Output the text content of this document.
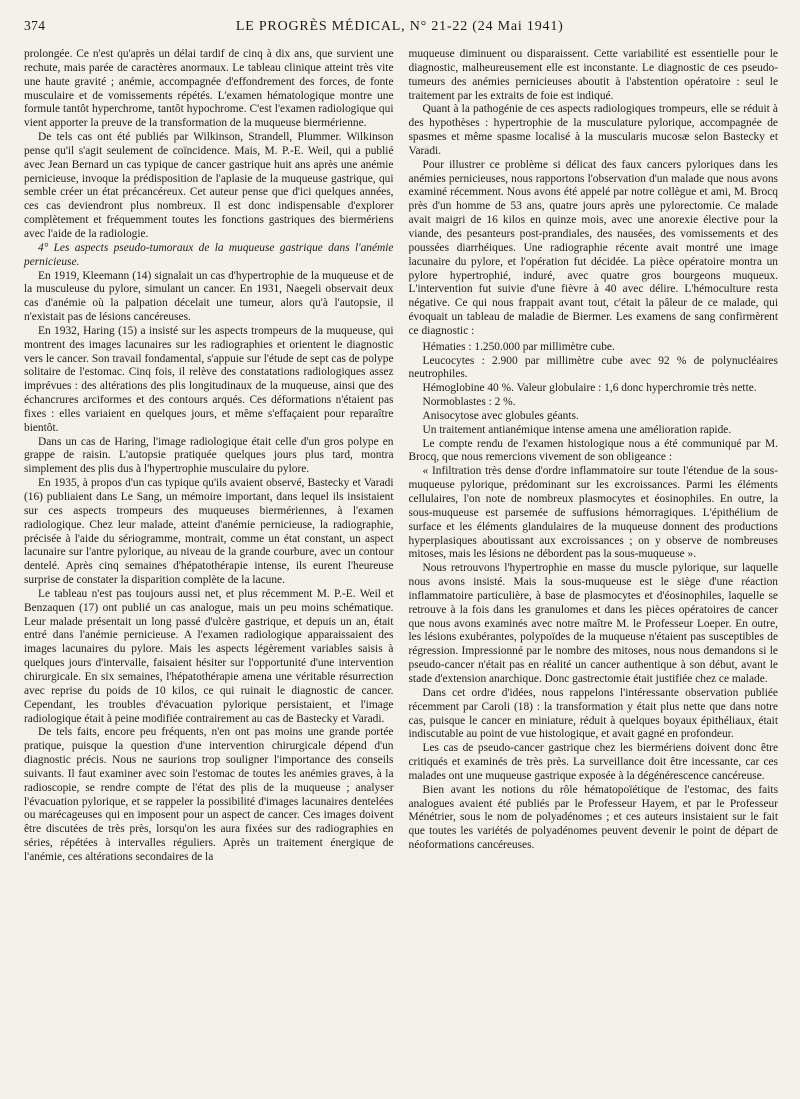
374	LE PROGRÈS MÉDICAL, N° 21-22 (24 Mai 1941)

prolongée. Ce n'est qu'après un délai tardif de cinq à dix ans, que survient une rechute, mais parée de caractères anormaux. Le tableau clinique atteint très vite une haute gravité ; anémie, accompagnée d'effondrement des forces, de fonte musculaire et de vomissements répétés. L'examen hématologique montre une formule tantôt hyperchrome, tantôt hypochrome. C'est l'examen radiologique qui vient apporter la preuve de la transformation de la muqueuse biermérienne.

De tels cas ont été publiés par Wilkinson, Strandell, Plummer. Wilkinson pense qu'il s'agit seulement de coïncidence. Mais, M. P.-E. Weil, qui a publié avec Jean Bernard un cas typique de cancer gastrique huit ans après une anémie pernicieuse, invoque la prédisposition de l'aplasie de la muqueuse gastrique, qui semble créer un état précancéreux. Cet auteur pense que d'ici quelques années, ces cas deviendront plus nombreux. Il est donc indispensable d'explorer complètement et fréquemment toutes les fonctions gastriques des biermériens avec l'aide de la radiologie.

4° Les aspects pseudo-tumoraux de la muqueuse gastrique dans l'anémie pernicieuse.

En 1919, Kleemann (14) signalait un cas d'hypertrophie de la muqueuse et de la musculeuse du pylore, simulant un cancer. En 1931, Naegeli observait deux cas d'anémie où la palpation décelait une tumeur, alors qu'à l'autopsie, il n'existait pas de lésions cancéreuses.

En 1932, Haring (15) a insisté sur les aspects trompeurs de la muqueuse, qui montrent des images lacunaires sur les radiographies et orientent le diagnostic vers le cancer. Son travail fondamental, s'appuie sur l'étude de sept cas de polype solitaire de l'estomac. Cinq fois, il relève des constatations radiologiques assez imprévues : des altérations des plis longitudinaux de la muqueuse, ainsi que des échancrures arciformes et des contours arqués. Ces déformations n'étaient pas fixes : elles variaient en quelques jours, et même s'effaçaient pour reparaître bientôt.

Dans un cas de Haring, l'image radiologique était celle d'un gros polype en grappe de raisin. L'autopsie pratiquée quelques jours plus tard, montra simplement des plis dus à l'hypertrophie musculaire du pylore.

En 1935, à propos d'un cas typique qu'ils avaient observé, Bastecky et Varadi (16) publiaient dans Le Sang, un mémoire important, dans lequel ils insistaient sur ces aspects trompeurs des muqueuses biermériennes, à l'examen radiologique. Chez leur malade, atteint d'anémie pernicieuse, la radiographie, précisée à l'aide du sériogramme, montrait, comme un état constant, un aspect lacunaire sur l'antre pylorique, au niveau de la grande courbure, avec un contour dentelé. Après cinq semaines d'hépatothérapie intense, ils eurent l'heureuse surprise de constater la disparition complète de la lacune.

Le tableau n'est pas toujours aussi net, et plus récemment M. P.-E. Weil et Benzaquen (17) ont publié un cas analogue, mais un peu moins schématique. Leur malade présentait un long passé d'ulcère gastrique, et depuis un an, était entré dans l'anémie pernicieuse. A l'examen radiologique apparaissaient des images lacunaires du pylore. Mais les aspects légèrement variables saisis à quelques jours d'intervalle, faisaient hésiter sur l'opportunité d'une intervention chirurgicale. En six semaines, l'hépatothérapie amena une véritable résurrection avec reprise du poids de 10 kilos, ce qui ruinait le diagnostic de cancer. Cependant, les troubles d'évacuation pylorique persistaient, et l'image radiologique était à peine modifiée contrairement au cas de Bastecky et Varadi.

De tels faits, encore peu fréquents, n'en ont pas moins une grande portée pratique, puisque la question d'une intervention chirurgicale dépend d'un diagnostic précis. Nous ne saurions trop souligner l'importance des conseils suivants. Il faut examiner avec soin l'estomac de toutes les anémies graves, à la radioscopie, se rendre compte de l'état des plis de la muqueuse ; analyser l'évacuation pylorique, et se rappeler la possibilité d'images lacunaires dentelées ou marécageuses qui en imposent pour un aspect de cancer. Ces images doivent être discutées de très près, lorsqu'on les aura fixées sur des radiographies en séries, répétées à intervalles réguliers. Après un traitement énergique de l'anémie, ces altérations secondaires de la

muqueuse diminuent ou disparaissent. Cette variabilité est essentielle pour le diagnostic, malheureusement elle est inconstante. Le diagnostic de ces pseudo-tumeurs des anémies pernicieuses aboutit à l'abstention opératoire : seul le traitement par les extraits de foie est indiqué.

Quant à la pathogénie de ces aspects radiologiques trompeurs, elle se réduit à des hypothèses : hypertrophie de la musculature pylorique, accompagnée de spasmes et même spasme localisé à la muscularis mucosæ selon Bastecky et Varadi.

Pour illustrer ce problème si délicat des faux cancers pyloriques dans les anémies pernicieuses, nous rapportons l'observation d'un malade que nous avons examiné récemment. Nous avons été appelé par notre collègue et ami, M. Brocq près d'un homme de 53 ans, quatre jours après une pylorectomie. Ce malade avait maigri de 16 kilos en quinze mois, avec une anorexie élective pour la viande, des pesanteurs post-prandiales, des nausées, des vomissements et des poussées diarrhéiques. Une radiographie récente avait montré une image lacunaire du pylore, et l'opération fut décidée. La pièce opératoire montra un pylore hypertrophié, induré, avec quatre gros bourgeons muqueux. L'intervention fut suivie d'une fièvre à 40 avec délire. L'hémoculture resta négative. Ce qui nous frappait avant tout, c'était la pâleur de ce malade, qui évoquait un tableau de maladie de Biermer. Les examens de sang confirmèrent ce diagnostic :

Hématies : 1.250.000 par millimètre cube.

Leucocytes : 2.900 par millimètre cube avec 92 % de polynucléaires neutrophiles.

Hémoglobine 40 %. Valeur globulaire : 1,6 donc hyperchromie très nette.

Normoblastes : 2 %.

Anisocytose avec globules géants.

Un traitement antianémique intense amena une amélioration rapide.

Le compte rendu de l'examen histologique nous a été communiqué par M. Brocq, que nous remercions vivement de son obligeance :

« Infiltration très dense d'ordre inflammatoire sur toute l'étendue de la sous-muqueuse pylorique, prédominant sur les excroissances. Parmi les éléments cellulaires, l'on note de nombreux plasmocytes et éosinophiles. En outre, la sous-muqueuse est parsemée de suffusions hémorragiques. L'épithélium de surface et les éléments glandulaires de la muqueuse donnent des productions hyperplasiques aboutissant aux excroissances ; on y observe de nombreuses mitoses, mais les lésions ne débordent pas la sous-muqueuse ».

Nous retrouvons l'hypertrophie en masse du muscle pylorique, sur laquelle nous avons insisté. Mais la sous-muqueuse est le siège d'une réaction inflammatoire particulière, à base de plasmocytes et d'éosinophiles, laquelle se retrouve à la fois dans les granulomes et dans les pièces opératoires de cancer que nous avons examinés avec notre maître M. le Professeur Loeper. En outre, les lésions exubérantes, polypoïdes de la muqueuse n'étaient pas susceptibles de régression. Impressionné par le nombre des mitoses, nous nous demandons si le pseudo-cancer n'était pas en réalité un cancer authentique à son début, avant le stade d'extension anarchique. Donc gastrectomie était justifiée chez ce malade.

Dans cet ordre d'idées, nous rappelons l'intéressante observation publiée récemment par Caroli (18) : la transformation y était plus nette que dans notre cas, puisque le cancer en miniature, réduit à quelques boyaux épithéliaux, était indiscutable au point de vue histologique, et avait gagné en profondeur.

Les cas de pseudo-cancer gastrique chez les biermériens doivent donc être critiqués et examinés de très près. La surveillance doit être incessante, car ces malades ont une muqueuse gastrique exposée à la dégénérescence cancéreuse.

Bien avant les notions du rôle hématopoïétique de l'estomac, des faits analogues avaient été publiés par le Professeur Hayem, et par le Professeur Ménétrier, sous le nom de polyadénomes ; et ces auteurs insistaient sur le fait que toutes les variétés de polyadénomes peuvent devenir le point de départ de néoformations cancéreuses.
